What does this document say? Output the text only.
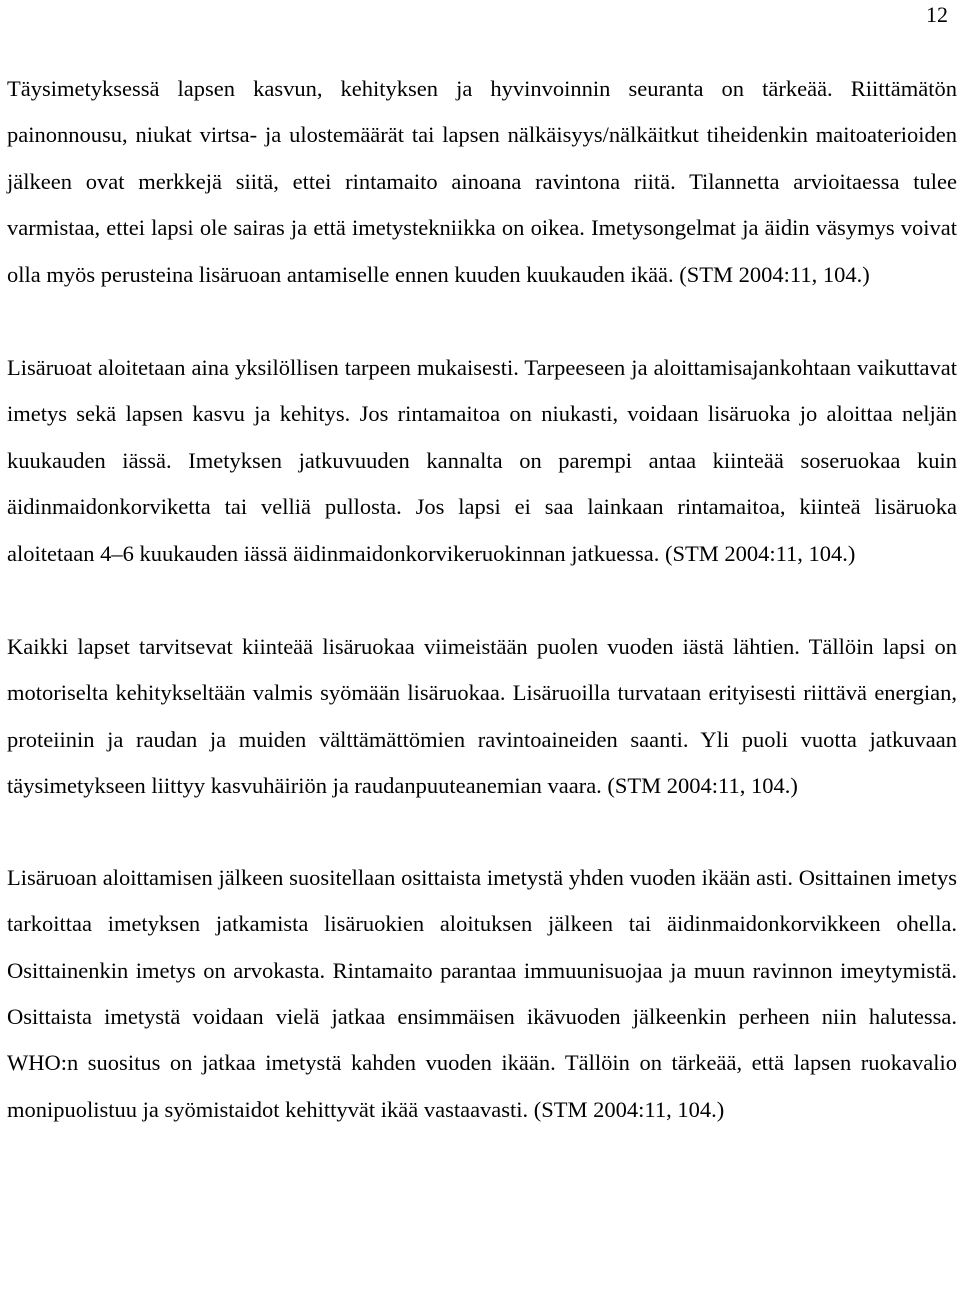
12

Täysimetyksessä lapsen kasvun, kehityksen ja hyvinvoinnin seuranta on tärkeää. Riittämätön painonnousu, niukat virtsa- ja ulostemäärät tai lapsen nälkäisyys/nälkäitkut tiheidenkin maitoaterioiden jälkeen ovat merkkejä siitä, ettei rintamaito ainoana ravintona riitä. Tilannetta arvioitaessa tulee varmistaa, ettei lapsi ole sairas ja että imetystekniikka on oikea. Imetysongelmat ja äidin väsymys voivat olla myös perusteina lisäruoan antamiselle ennen kuuden kuukauden ikää. (STM 2004:11, 104.)

Lisäruoat aloitetaan aina yksilöllisen tarpeen mukaisesti. Tarpeeseen ja aloittamisajankohtaan vaikuttavat imetys sekä lapsen kasvu ja kehitys. Jos rintamaitoa on niukasti, voidaan lisäruoka jo aloittaa neljän kuukauden iässä. Imetyksen jatkuvuuden kannalta on parempi antaa kiinteää soseruokaa kuin äidinmaidonkorviketta tai velliä pullosta. Jos lapsi ei saa lainkaan rintamaitoa, kiinteä lisäruoka aloitetaan 4–6 kuukauden iässä äidinmaidonkorvikeruokinnan jatkuessa. (STM 2004:11, 104.)

Kaikki lapset tarvitsevat kiinteää lisäruokaa viimeistään puolen vuoden iästä lähtien. Tällöin lapsi on motoriselta kehitykseltään valmis syömään lisäruokaa. Lisäruoilla turvataan erityisesti riittävä energian, proteiinin ja raudan ja muiden välttämättömien ravintoaineiden saanti. Yli puoli vuotta jatkuvaan täysimetykseen liittyy kasvuhäiriön ja raudanpuuteanemian vaara. (STM 2004:11, 104.)

Lisäruoan aloittamisen jälkeen suositellaan osittaista imetystä yhden vuoden ikään asti. Osittainen imetys tarkoittaa imetyksen jatkamista lisäruokien aloituksen jälkeen tai äidinmaidonkorvikkeen ohella. Osittainenkin imetys on arvokasta. Rintamaito parantaa immuunisuojaa ja muun ravinnon imeytymistä. Osittaista imetystä voidaan vielä jatkaa ensimmäisen ikävuoden jälkeenkin perheen niin halutessa. WHO:n suositus on jatkaa imetystä kahden vuoden ikään. Tällöin on tärkeää, että lapsen ruokavalio monipuolistuu ja syömistaidot kehittyvät ikää vastaavasti. (STM 2004:11, 104.)
